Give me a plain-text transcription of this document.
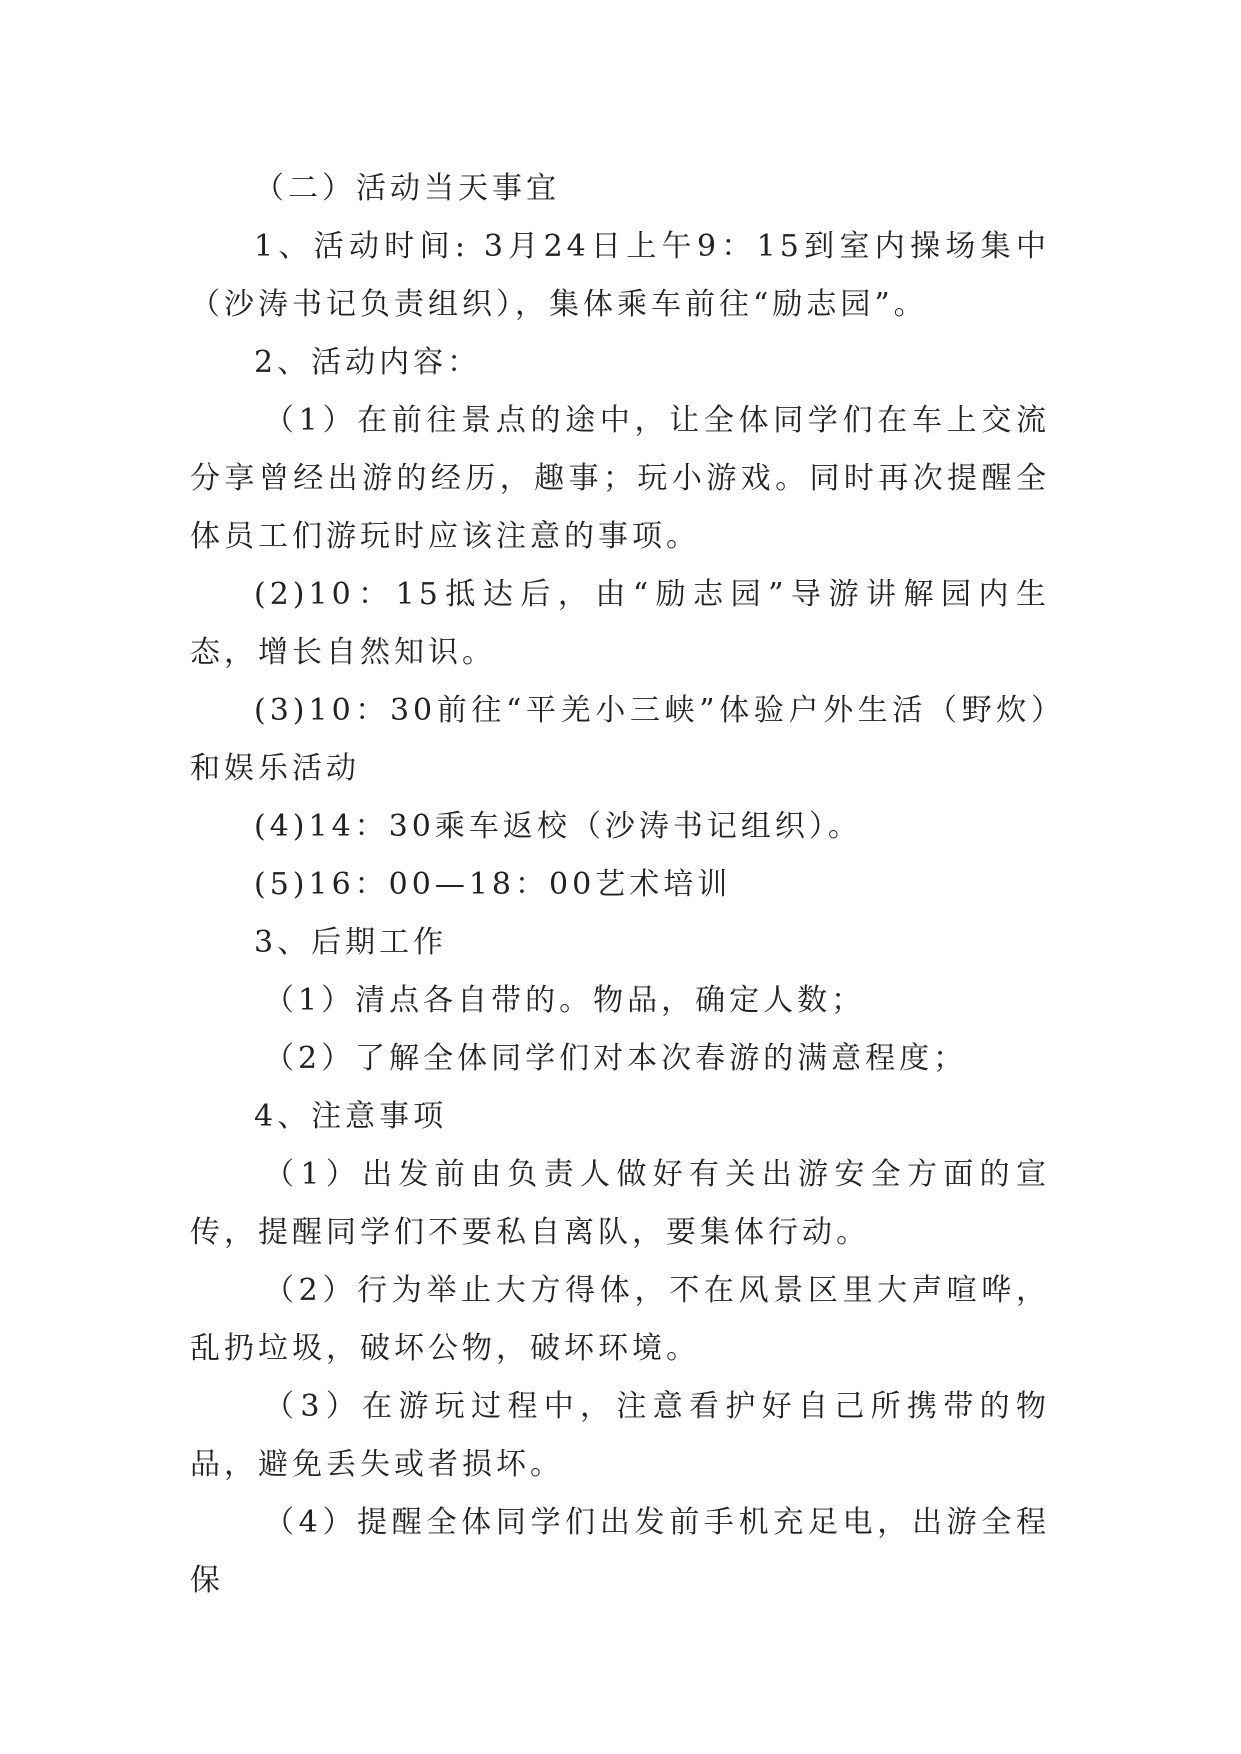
（二）活动当天事宜

1、活动时间: 3月24日上午9：15到室内操场集中（沙涛书记负责组织），集体乘车前往“励志园”。

2、活动内容：

（1）在前往景点的途中，让全体同学们在车上交流分享曾经出游的经历，趣事；玩小游戏。同时再次提醒全体员工们游玩时应该注意的事项。

(2)10：15抵达后，由“励志园”导游讲解园内生态，增长自然知识。

(3)10：30前往“平羌小三峡”体验户外生活（野炊）和娱乐活动

(4)14：30乘车返校（沙涛书记组织）。

(5)16：00—18：00艺术培训

3、后期工作

（1）清点各自带的。物品，确定人数；

（2）了解全体同学们对本次春游的满意程度；

4、注意事项

（1）出发前由负责人做好有关出游安全方面的宣传，提醒同学们不要私自离队，要集体行动。

（2）行为举止大方得体，不在风景区里大声喧哗，乱扔垃圾，破坏公物，破坏环境。

（3）在游玩过程中，注意看护好自己所携带的物品，避免丢失或者损坏。

（4）提醒全体同学们出发前手机充足电，出游全程保
